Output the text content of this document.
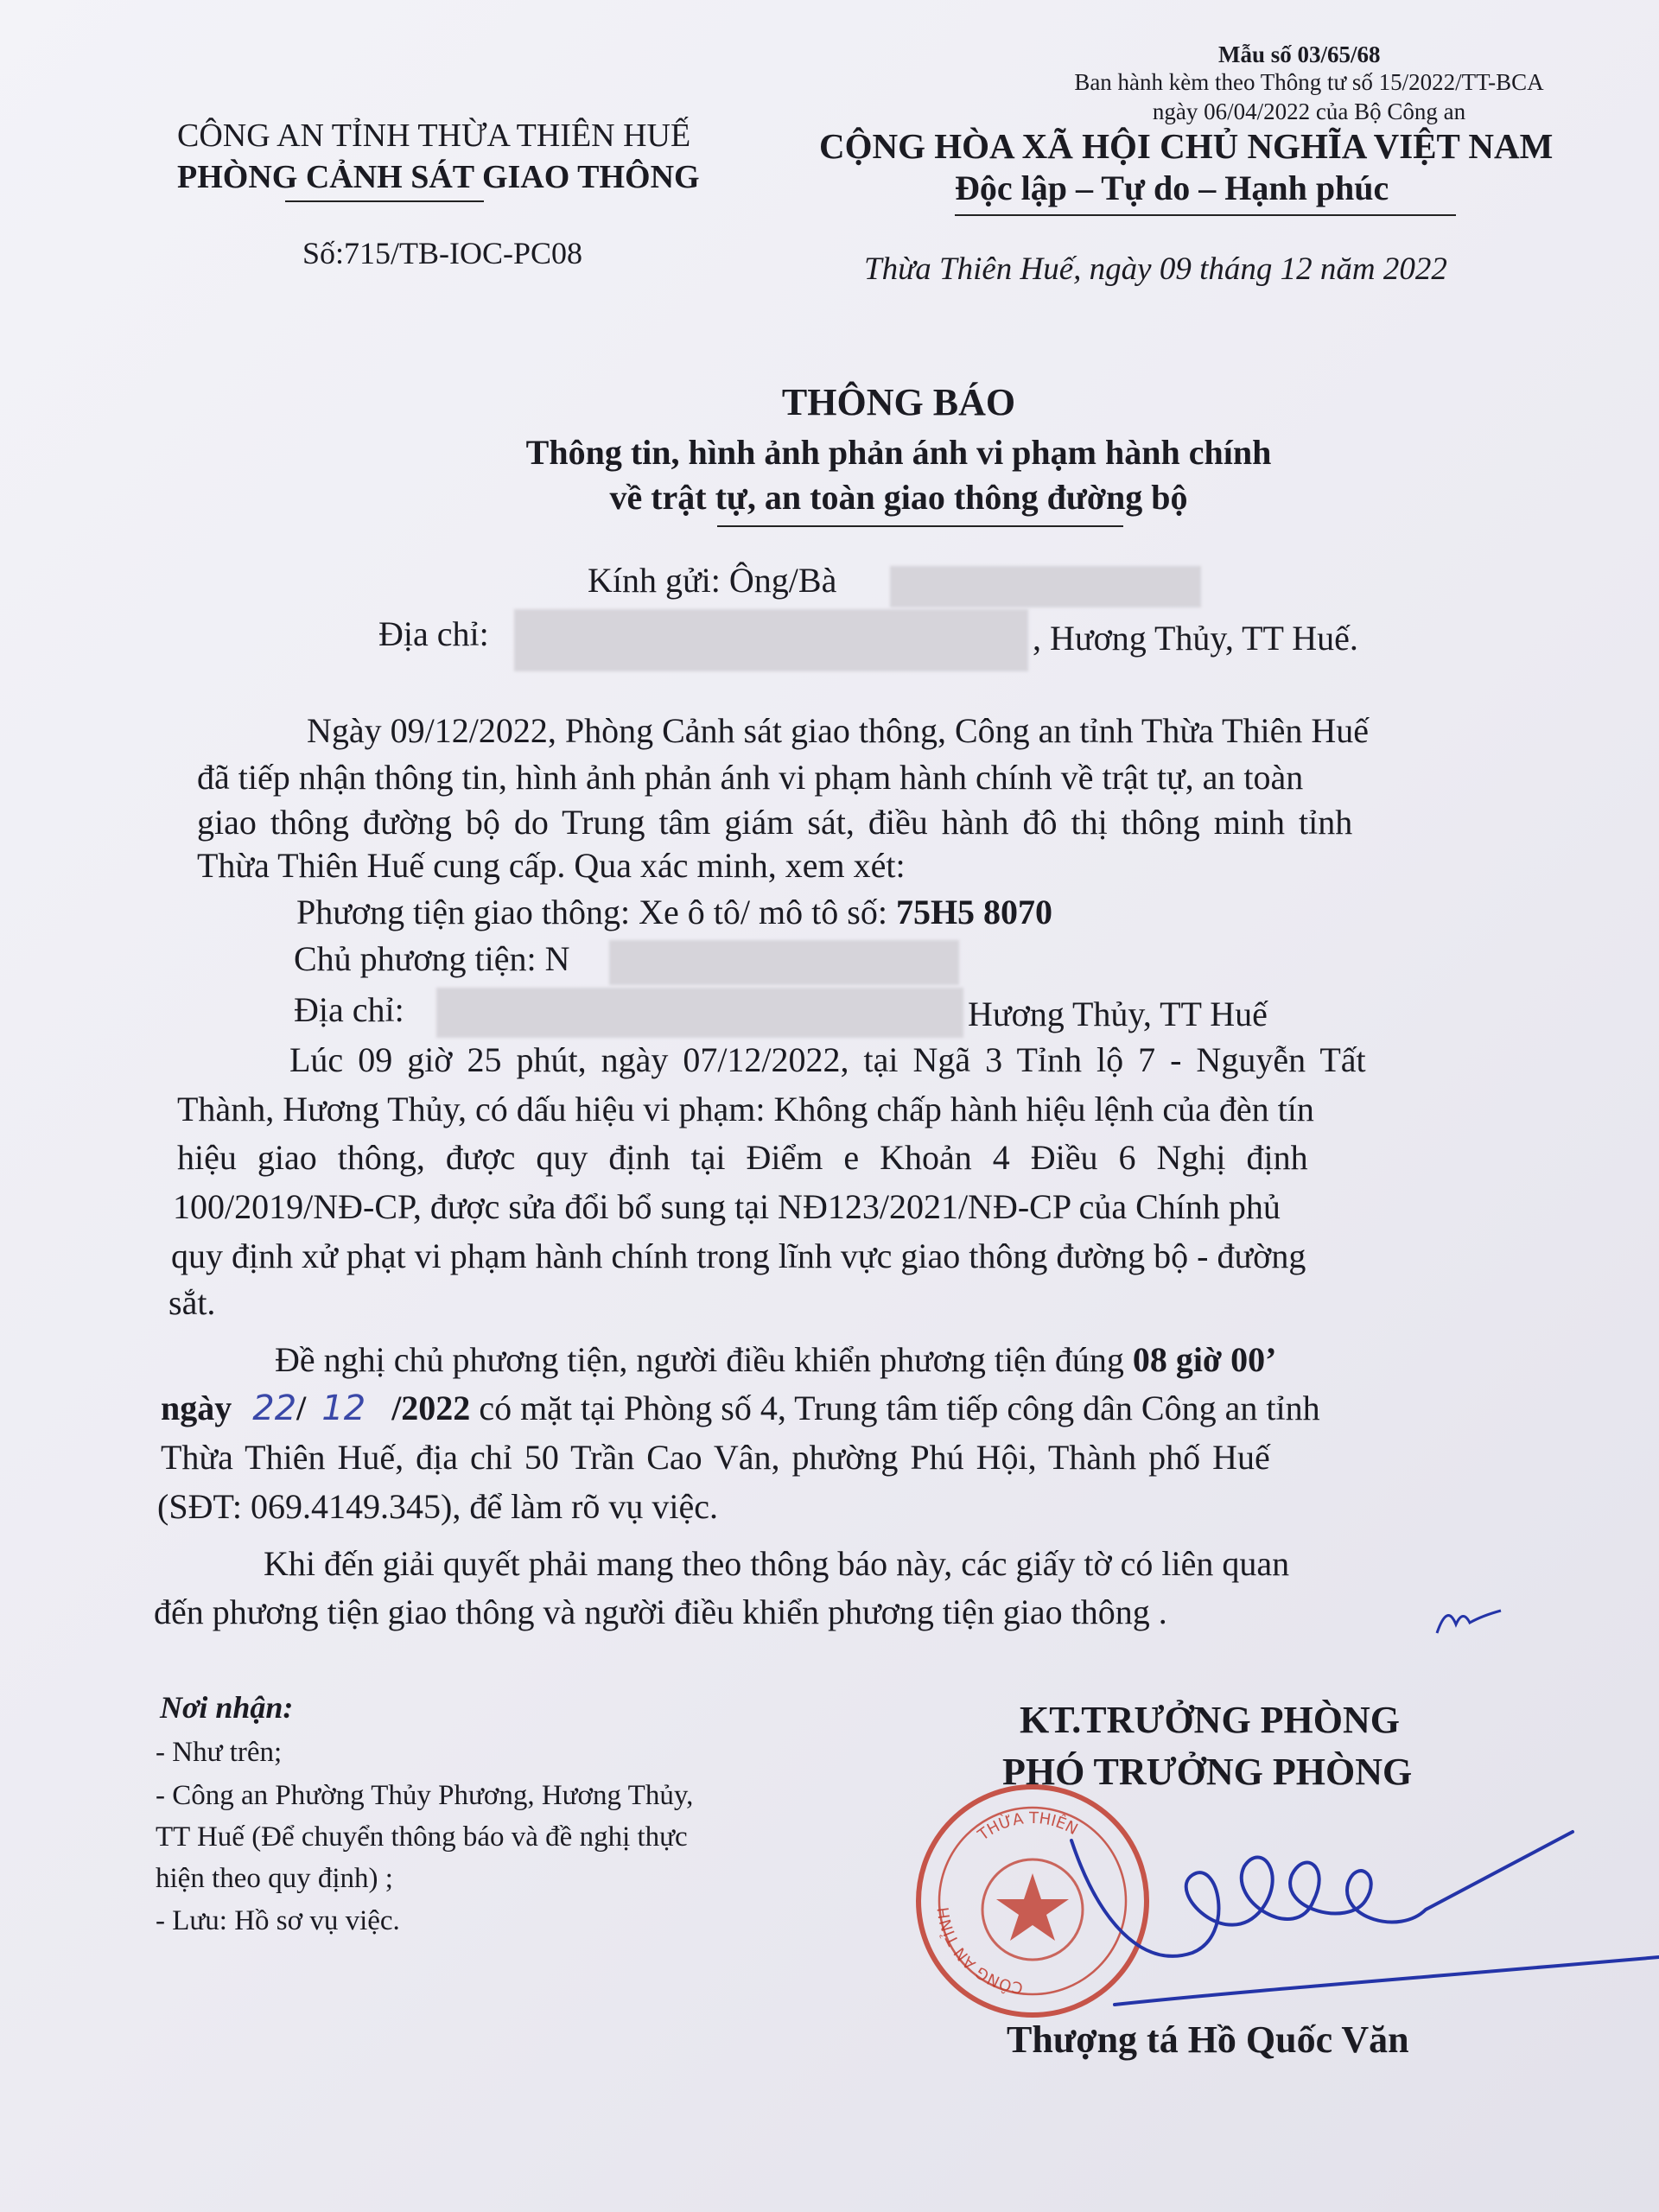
Mẫu số 03/65/68
Ban hành kèm theo Thông tư số 15/2022/TT-BCA
ngày 06/04/2022 của Bộ Công an
CÔNG AN TỈNH THỪA THIÊN HUẾ
PHÒNG CẢNH SÁT GIAO THÔNG
Số:715/TB-IOC-PC08
CỘNG HÒA XÃ HỘI CHỦ NGHĨA VIỆT NAM
Độc lập – Tự do – Hạnh phúc
Thừa Thiên Huế, ngày 09 tháng 12 năm 2022
THÔNG BÁO
Thông tin, hình ảnh phản ánh vi phạm hành chính
về trật tự, an toàn giao thông đường bộ
Kính gửi: Ông/Bà
Địa chỉ:	, Hương Thủy, TT Huế.
Ngày 09/12/2022, Phòng Cảnh sát giao thông, Công an tỉnh Thừa Thiên Huế
đã tiếp nhận thông tin, hình ảnh phản ánh vi phạm hành chính về trật tự, an toàn
giao thông đường bộ do Trung tâm giám sát, điều hành đô thị thông minh tỉnh
Thừa Thiên Huế cung cấp. Qua xác minh, xem xét:
Phương tiện giao thông: Xe ô tô/ mô tô số: 75H5 8070
Chủ phương tiện: N
Địa chỉ:	Hương Thủy, TT Huế
Lúc 09 giờ 25 phút, ngày 07/12/2022, tại Ngã 3 Tỉnh lộ 7 - Nguyễn Tất
Thành, Hương Thủy, có dấu hiệu vi phạm: Không chấp hành hiệu lệnh của đèn tín
hiệu giao thông, được quy định tại Điểm e Khoản 4 Điều 6 Nghị định
100/2019/NĐ-CP, được sửa đổi bổ sung tại NĐ123/2021/NĐ-CP của Chính phủ
quy định xử phạt vi phạm hành chính trong lĩnh vực giao thông đường bộ - đường
sắt.
Đề nghị chủ phương tiện, người điều khiển phương tiện đúng 08 giờ 00’
ngày 22/ 12 /2022 có mặt tại Phòng số 4, Trung tâm tiếp công dân Công an tỉnh
Thừa Thiên Huế, địa chỉ 50 Trần Cao Vân, phường Phú Hội, Thành phố Huế
(SĐT: 069.4149.345), để làm rõ vụ việc.
Khi đến giải quyết phải mang theo thông báo này, các giấy tờ có liên quan
đến phương tiện giao thông và người điều khiển phương tiện giao thông .
Nơi nhận:
- Như trên;
- Công an Phường Thủy Phương, Hương Thủy,
TT Huế (Để chuyển thông báo và đề nghị thực
hiện theo quy định) ;
- Lưu: Hồ sơ vụ việc.
KT.TRƯỞNG PHÒNG
PHÓ TRƯỞNG PHÒNG
THỪA THIÊN
CÔNG AN TỈNH
Thượng tá Hồ Quốc Văn
